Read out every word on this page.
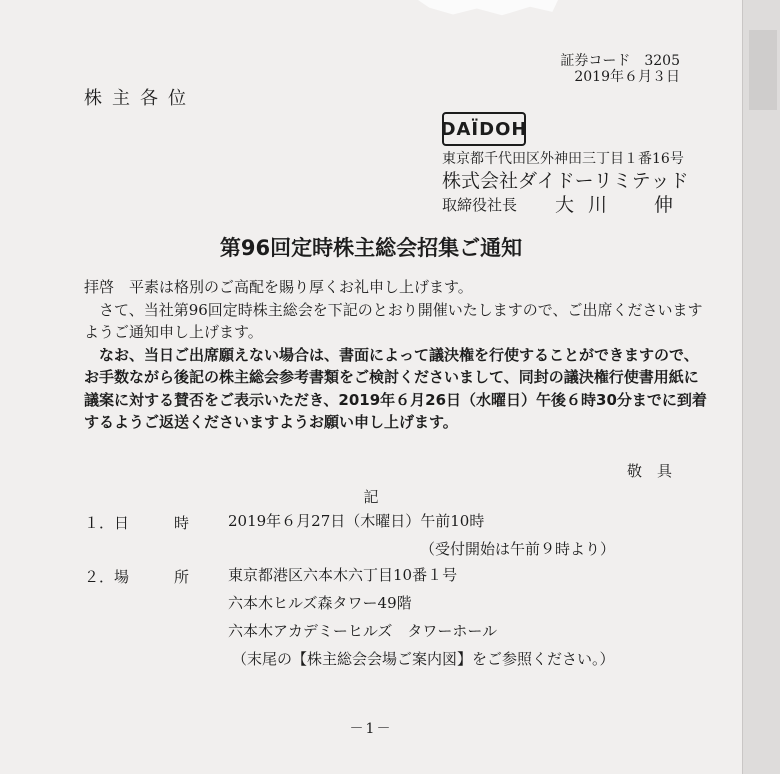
証券コード　3205
2019年６月３日
株主各位
DAÏDOH
東京都千代田区外神田三丁目１番16号
株式会社ダイドーリミテッド
取締役社長 大川　伸
第96回定時株主総会招集ご通知

拝啓　平素は格別のご高配を賜り厚くお礼申し上げます。

さて、当社第96回定時株主総会を下記のとおり開催いたしますので、ご出席くださいますようご通知申し上げます。

なお、当日ご出席願えない場合は、書面によって議決権を行使することができますので、お手数ながら後記の株主総会参考書類をご検討くださいまして、同封の議決権行使書用紙に議案に対する賛否をご表示いただき、2019年６月26日（水曜日）午後６時30分までに到着するようご返送くださいますようお願い申し上げます。

敬　具
記
１．日　　　時	2019年６月27日（木曜日）午前10時
（受付開始は午前９時より）
２．場　　　所	東京都港区六本木六丁目10番１号
六本木ヒルズ森タワー49階
六本木アカデミーヒルズ　タワーホール
（末尾の【株主総会会場ご案内図】をご参照ください。）
－1－
